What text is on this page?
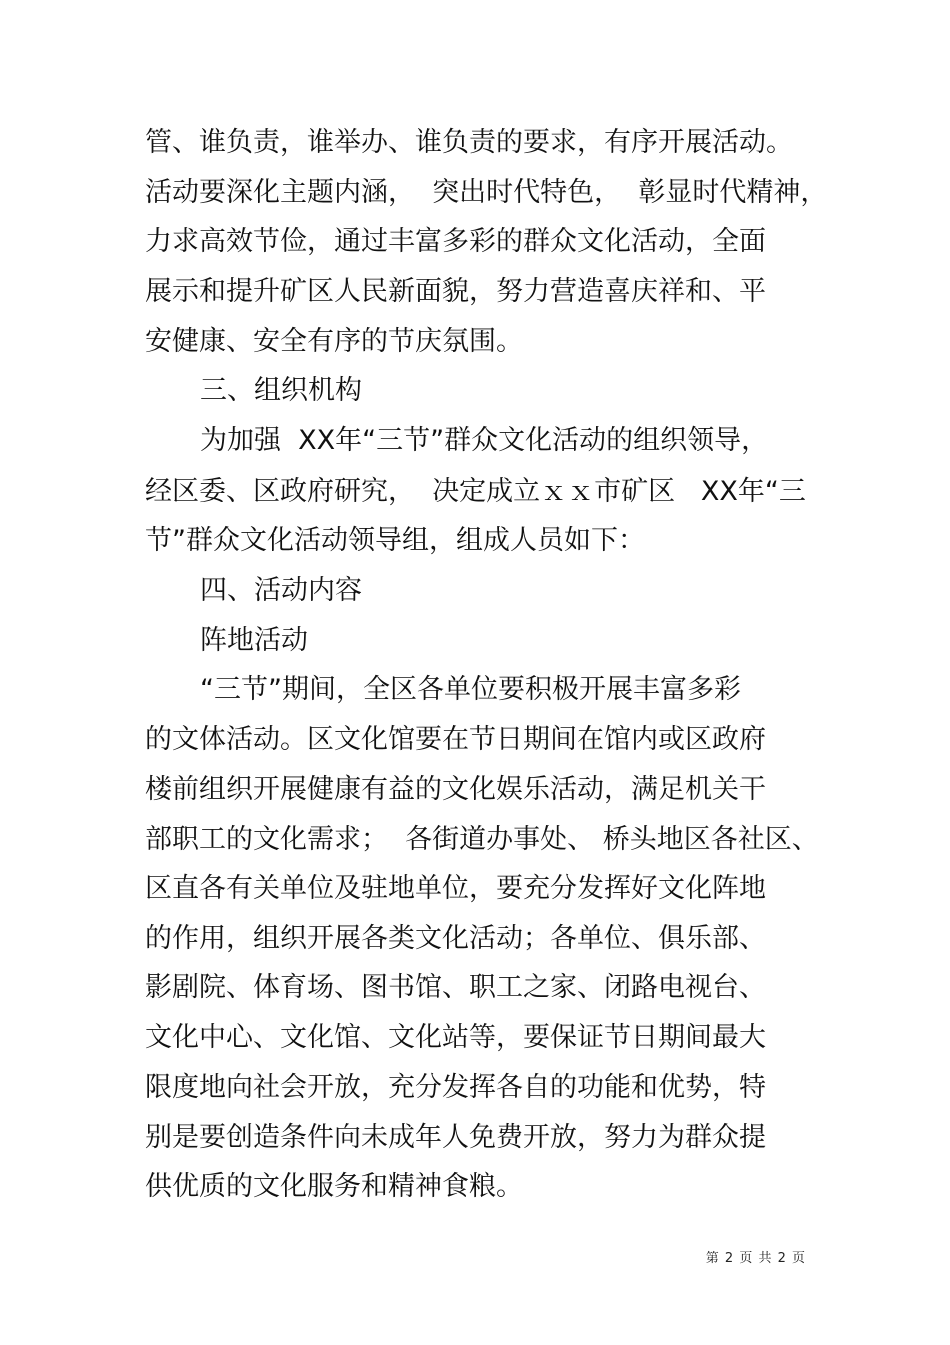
管、谁负责，谁举办、谁负责的要求，有序开展活动。
活动要深化主题内涵，  突出时代特色，  彰显时代精神，
力求高效节俭，通过丰富多彩的群众文化活动，全面
展示和提升矿区人民新面貌，努力营造喜庆祥和、平
安健康、安全有序的节庆氛围。
三、组织机构
为加强  XX年“三节”群众文化活动的组织领导，
经区委、区政府研究，  决定成立ｘｘ市矿区   XX年“三
节”群众文化活动领导组，组成人员如下：
四、活动内容
阵地活动
“三节”期间，全区各单位要积极开展丰富多彩
的文体活动。区文化馆要在节日期间在馆内或区政府
楼前组织开展健康有益的文化娱乐活动，满足机关干
部职工的文化需求；  各街道办事处、 桥头地区各社区、
区直各有关单位及驻地单位，要充分发挥好文化阵地
的作用，组织开展各类文化活动；各单位、俱乐部、
影剧院、体育场、图书馆、职工之家、闭路电视台、
文化中心、文化馆、文化站等，要保证节日期间最大
限度地向社会开放，充分发挥各自的功能和优势，特
别是要创造条件向未成年人免费开放，努力为群众提
供优质的文化服务和精神食粮。
第 2 页 共 2 页
